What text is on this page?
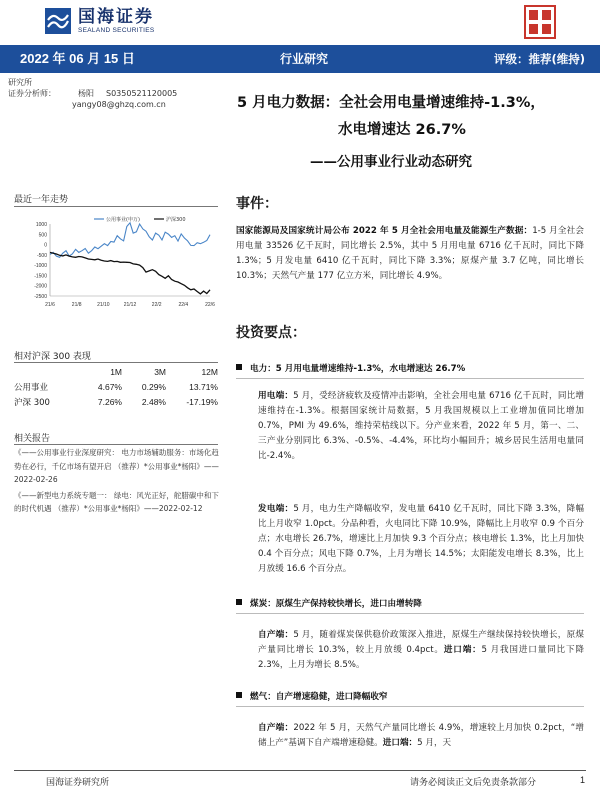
国海证券
SEALAND SECURITIES
2022 年 06 月 15 日	行业研究	评级：推荐(维持)
研究所
证券分析师：	杨阳	S0350521120005
yangy08@ghzq.com.cn	5 月电力数据：全社会用电量增速维持-1.3%，
水电增速达 26.7%
——公用事业行业动态研究
最近一年走势
1000
500
0
-500
-1000
-1500
-2000
-2500
21/6	21/8	21/10	21/12	22/2	22/4	22/6
公用事业(申万)	沪深300
相对沪深 300 表现
	1M	3M	12M
公用事业	4.67%	0.29%	13.71%
沪深 300	7.26%	2.48%	-17.19%
相关报告
《——公用事业行业深度研究： 电力市场辅助服务：市场化趋势在必行，千亿市场有望开启 （推荐）*公用事业*杨阳》——2022-02-26
《——新型电力系统专题一： 绿电：风光正好，舵腊碳中和下的时代机遇 （推荐）*公用事业*杨阳》——2022-02-12
事件：
国家能源局及国家统计局公布 2022 年 5 月全社会用电量及能源生产数据：1-5 月全社会用电量 33526 亿千瓦时，同比增长 2.5%，其中 5 月用电量 6716 亿千瓦时，同比下降 1.3%；5 月发电量 6410 亿千瓦时，同比下降 3.3%；原煤产量 3.7 亿吨，同比增长 10.3%；天然气产量 177 亿立方米，同比增长 4.9%。
投资要点：
电力：5 月用电量增速维持-1.3%，水电增速达 26.7%
用电端：5 月，受经济疲软及疫情冲击影响，全社会用电量 6716 亿千瓦时，同比增速维持在-1.3%。根据国家统计局数据，5 月我国规模以上工业增加值同比增加 0.7%，PMI 为 49.6%，维持荣枯线以下。分产业来看，2022 年 5 月，第一、二、三产业分别同比 6.3%、-0.5%、-4.4%，环比均小幅回升；城乡居民生活用电量同比-2.4%。
发电端：5 月，电力生产降幅收窄，发电量 6410 亿千瓦时，同比下降 3.3%，降幅比上月收窄 1.0pct。分品种看，火电同比下降 10.9%，降幅比上月收窄 0.9 个百分点；水电增长 26.7%，增速比上月加快 9.3 个百分点；核电增长 1.3%，比上月加快 0.4 个百分点；风电下降 0.7%，上月为增长 14.5%；太阳能发电增长 8.3%，比上月放缓 16.6 个百分点。
煤炭：原煤生产保持较快增长，进口由增转降
自产端：5 月，随着煤炭保供稳价政策深入推进，原煤生产继续保持较快增长，原煤产量同比增长 10.3%，较上月放缓 0.4pct。进口端：5 月我国进口量同比下降 2.3%，上月为增长 8.5%。
燃气：自产增速稳健，进口降幅收窄
自产端：2022 年 5 月，天然气产量同比增长 4.9%，增速较上月加快 0.2pct，“增储上产”基调下自产端增速稳健。进口端：5 月，天
国海证券研究所	请务必阅读正文后免责条款部分	1
